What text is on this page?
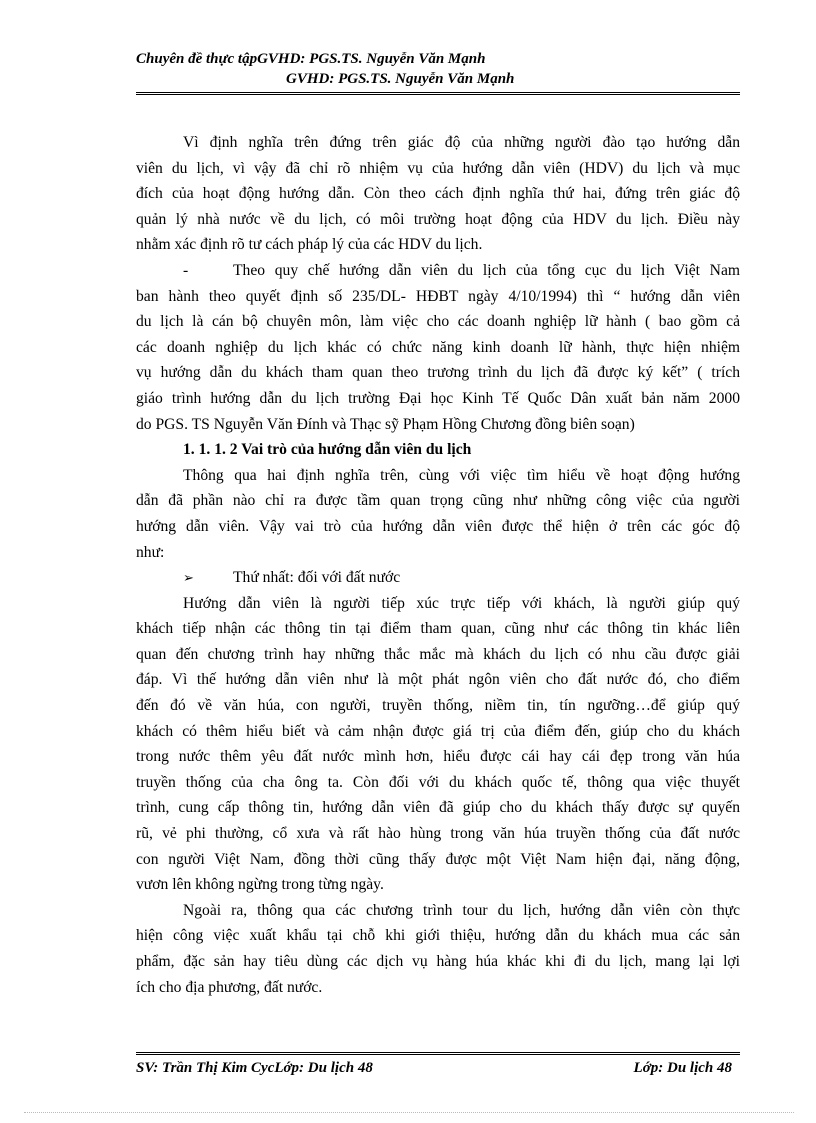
Chuyên đề thực tậpGVHD: PGS.TS. Nguyễn Văn Mạnh
GVHD: PGS.TS. Nguyễn Văn Mạnh

Vì định nghĩa trên đứng trên giác độ của những người đào tạo hướng dẫn
viên du lịch, vì vậy đã chỉ rõ nhiệm vụ của hướng dẫn viên (HDV) du lịch và mục
đích của hoạt động hướng dẫn. Còn theo cách định nghĩa thứ hai, đứng trên giác độ
quản lý nhà nước về du lịch, có môi trường hoạt động của HDV du lịch. Điều này
nhằm xác định rõ tư cách pháp lý của các HDV du lịch.

-	Theo quy chế hướng dẫn viên du lịch của tổng cục du lịch Việt Nam
ban hành theo quyết định số 235/DL- HĐBT ngày 4/10/1994) thì “ hướng dẫn viên
du lịch là cán bộ chuyên môn, làm việc cho các doanh nghiệp lữ hành ( bao gồm cả
các doanh nghiệp du lịch khác có chức năng kinh doanh lữ hành, thực hiện nhiệm
vụ hướng dẫn du khách tham quan theo trương trình du lịch đã được ký kết” ( trích
giáo trình hướng dẫn du lịch trường Đại học Kinh Tế Quốc Dân xuất bản năm 2000
do PGS. TS Nguyễn Văn Đính và Thạc sỹ Phạm Hồng Chương đồng biên soạn)

1. 1. 1. 2 Vai trò của hướng dẫn viên du lịch

Thông qua hai định nghĩa trên, cùng với việc tìm hiểu về hoạt động hướng
dẫn đã phần nào chỉ ra được tầm quan trọng cũng như những công việc của người
hướng dẫn viên. Vậy vai trò của hướng dẫn viên được thể hiện ở trên các góc độ
như:

➢	Thứ nhất: đối với đất nước

Hướng dẫn viên là người tiếp xúc trực tiếp với khách, là người giúp quý
khách tiếp nhận các thông tin tại điểm tham quan, cũng như các thông tin khác liên
quan đến chương trình hay những thắc mắc mà khách du lịch có nhu cầu được giải
đáp. Vì thế hướng dẫn viên như là một phát ngôn viên cho đất nước đó, cho điểm
đến đó về văn húa, con người, truyền thống, niềm tin, tín ngưỡng…để giúp quý
khách có thêm hiểu biết và cảm nhận được giá trị của điểm đến, giúp cho du khách
trong nước thêm yêu đất nước mình hơn, hiểu được cái hay cái đẹp trong văn húa
truyền thống của cha ông ta. Còn đối với du khách quốc tế, thông qua việc thuyết
trình, cung cấp thông tin, hướng dẫn viên đã giúp cho du khách thấy được sự quyến
rũ, vẻ phi thường, cổ xưa và rất hào hùng trong văn húa truyền thống của đất nước
con người Việt Nam, đồng thời cũng thấy được một Việt Nam hiện đại, năng động,
vươn lên không ngừng trong từng ngày.

Ngoài ra, thông qua các chương trình tour du lịch, hướng dẫn viên còn thực
hiện công việc xuất khẩu tại chỗ khi giới thiệu, hướng dẫn du khách mua các sản
phẩm, đặc sản hay tiêu dùng các dịch vụ hàng húa khác khi đi du lịch, mang lại lợi
ích cho địa phương, đất nước.

SV: Trần Thị Kim CycLớp: Du lịch 48	Lớp: Du lịch 48
